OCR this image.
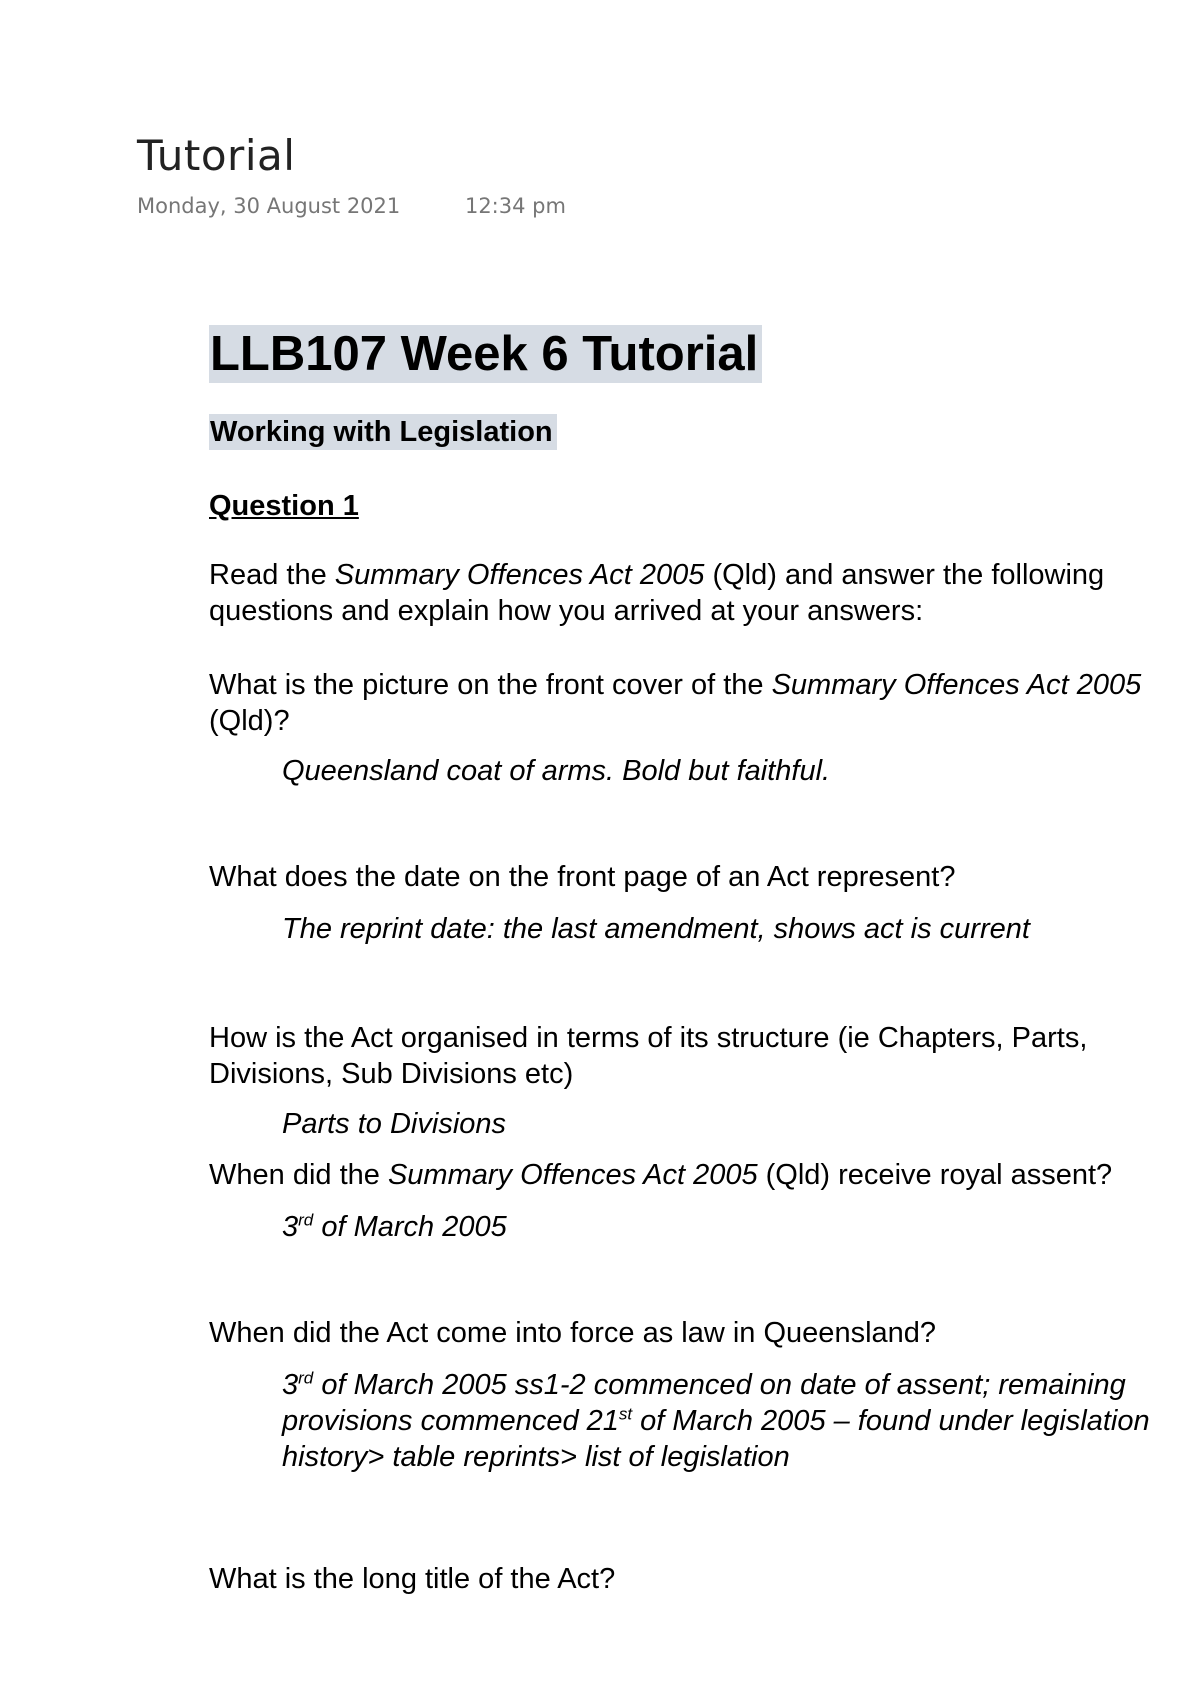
Tutorial
Monday, 30 August 2021	12:34 pm
LLB107 Week 6 Tutorial
Working with Legislation
Question 1
Read the Summary Offences Act 2005 (Qld) and answer the following
questions and explain how you arrived at your answers:
What is the picture on the front cover of the Summary Offences Act 2005
(Qld)?
Queensland coat of arms. Bold but faithful.
What does the date on the front page of an Act represent?
The reprint date: the last amendment, shows act is current
How is the Act organised in terms of its structure (ie Chapters, Parts,
Divisions, Sub Divisions etc)
Parts to Divisions
When did the Summary Offences Act 2005 (Qld) receive royal assent?
3rd of March 2005
When did the Act come into force as law in Queensland?
3rd of March 2005 ss1-2 commenced on date of assent; remaining
provisions commenced 21st of March 2005 – found under legislation
history> table reprints> list of legislation
What is the long title of the Act?
